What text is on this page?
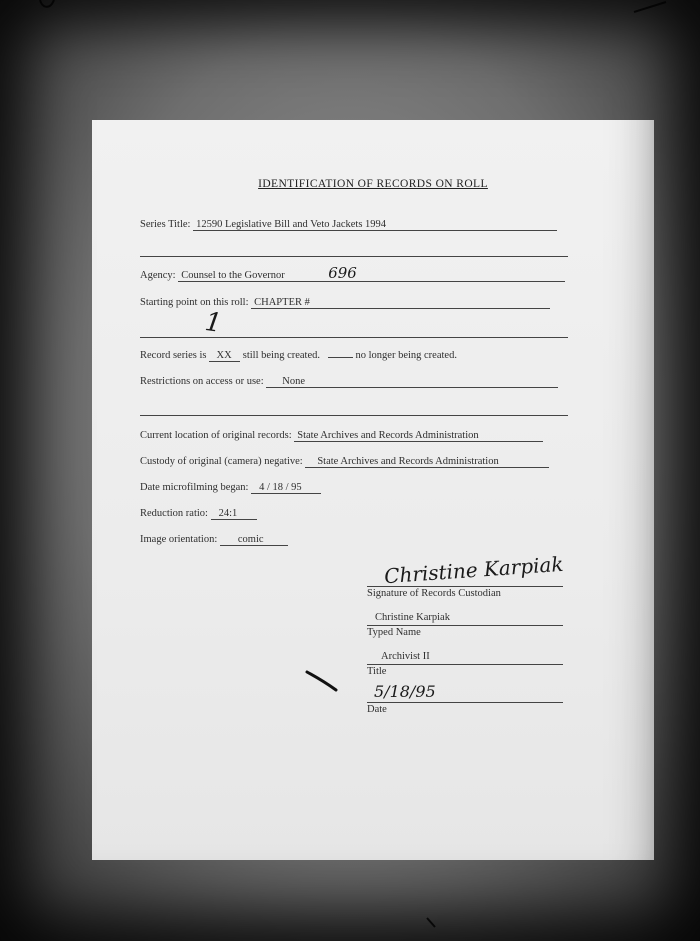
IDENTIFICATION OF RECORDS ON ROLL
Series Title: 12590 Legislative Bill and Veto Jackets 1994
Agency: Counsel to the Governor	696
Starting point on this roll: CHAPTER #
1
Record series is XX still being created.	no longer being created.
Restrictions on access or use: None
Current location of original records: State Archives and Records Administration
Custody of original (camera) negative: State Archives and Records Administration
Date microfilming began: 4 / 18 / 95
Reduction ratio: 24:1
Image orientation: comic
Christine Karpiak
Signature of Records Custodian
Christine Karpiak
Typed Name
Archivist II
Title
5/18/95
Date
